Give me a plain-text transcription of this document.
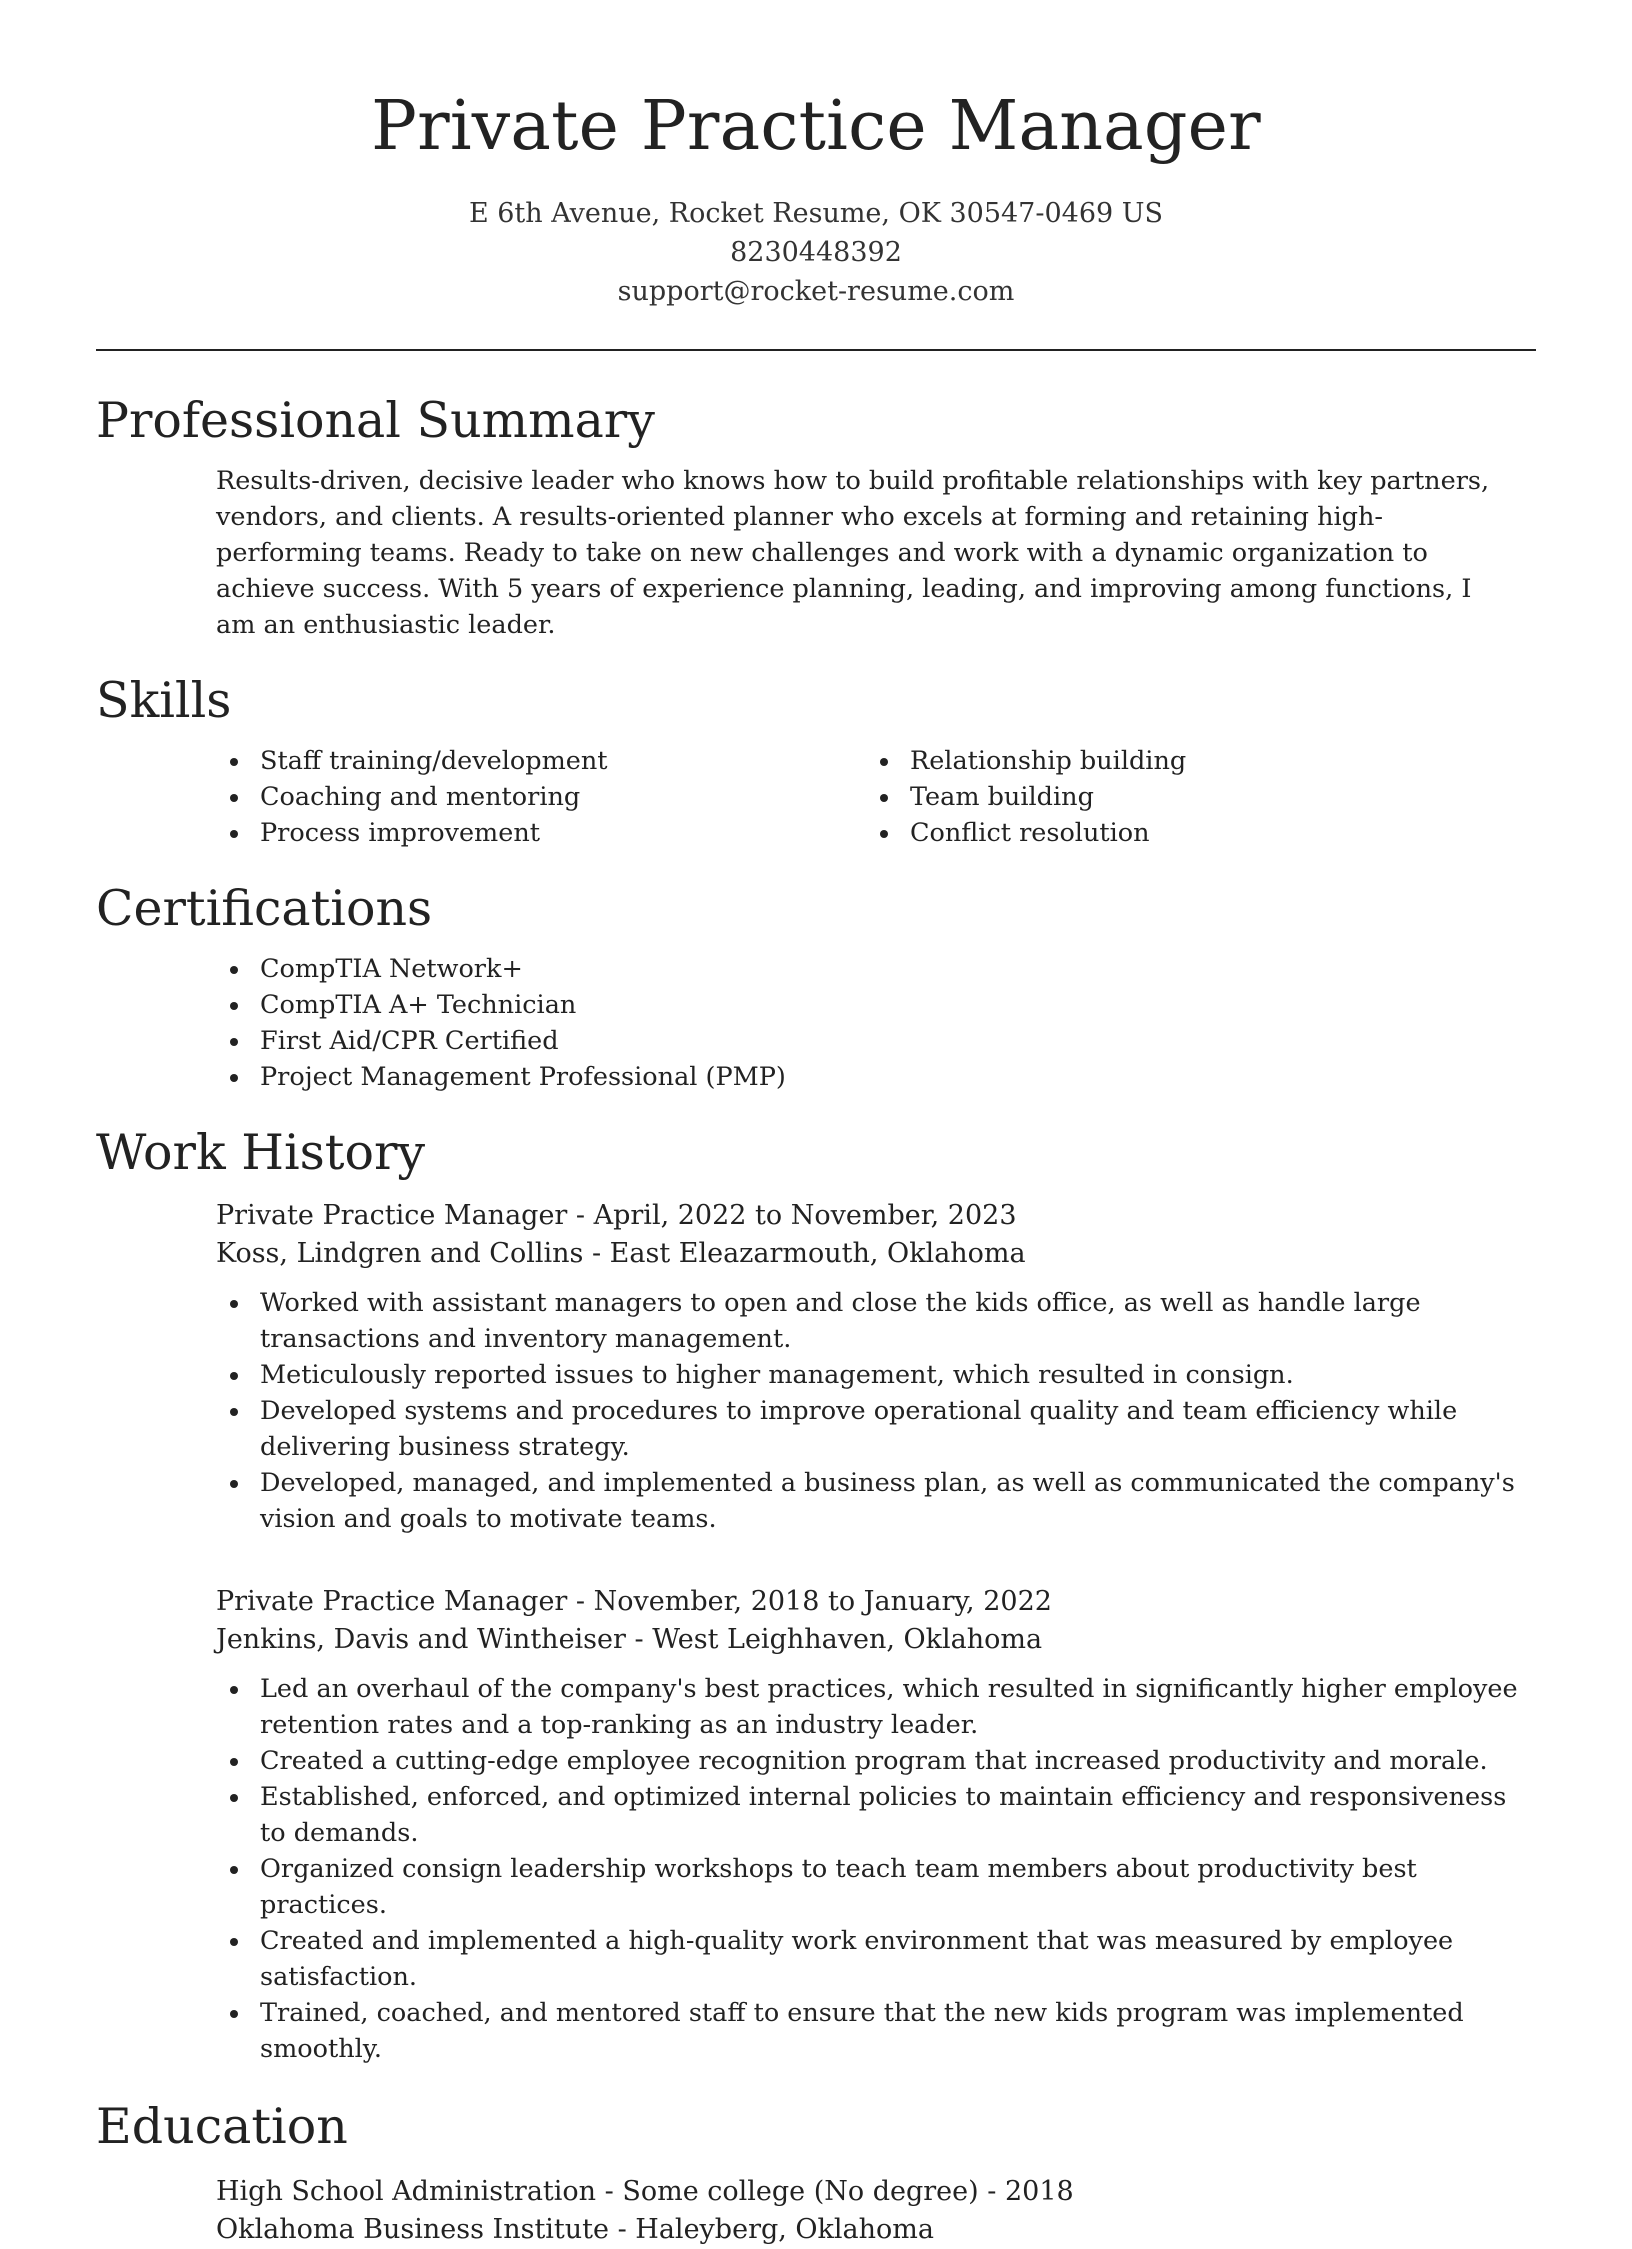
Private Practice Manager
E 6th Avenue, Rocket Resume, OK 30547-0469 US
8230448392
support@rocket-resume.com
Professional Summary

Results-driven, decisive leader who knows how to build profitable relationships with key partners, vendors, and clients. A results-oriented planner who excels at forming and retaining high-performing teams. Ready to take on new challenges and work with a dynamic organization to achieve success. With 5 years of experience planning, leading, and improving among functions, I am an enthusiastic leader.

Skills
Staff training/development
Coaching and mentoring
Process improvement
Relationship building
Team building
Conflict resolution
Certifications
CompTIA Network+
CompTIA A+ Technician
First Aid/CPR Certified
Project Management Professional (PMP)
Work History
Private Practice Manager - April, 2022 to November, 2023
Koss, Lindgren and Collins - East Eleazarmouth, Oklahoma
Worked with assistant managers to open and close the kids office, as well as handle large transactions and inventory management.
Meticulously reported issues to higher management, which resulted in consign.
Developed systems and procedures to improve operational quality and team efficiency while delivering business strategy.
Developed, managed, and implemented a business plan, as well as communicated the company's vision and goals to motivate teams.
Private Practice Manager - November, 2018 to January, 2022
Jenkins, Davis and Wintheiser - West Leighhaven, Oklahoma
Led an overhaul of the company's best practices, which resulted in significantly higher employee retention rates and a top-ranking as an industry leader.
Created a cutting-edge employee recognition program that increased productivity and morale.
Established, enforced, and optimized internal policies to maintain efficiency and responsiveness to demands.
Organized consign leadership workshops to teach team members about productivity best practices.
Created and implemented a high-quality work environment that was measured by employee satisfaction.
Trained, coached, and mentored staff to ensure that the new kids program was implemented smoothly.
Education
High School Administration - Some college (No degree) - 2018
Oklahoma Business Institute - Haleyberg, Oklahoma
